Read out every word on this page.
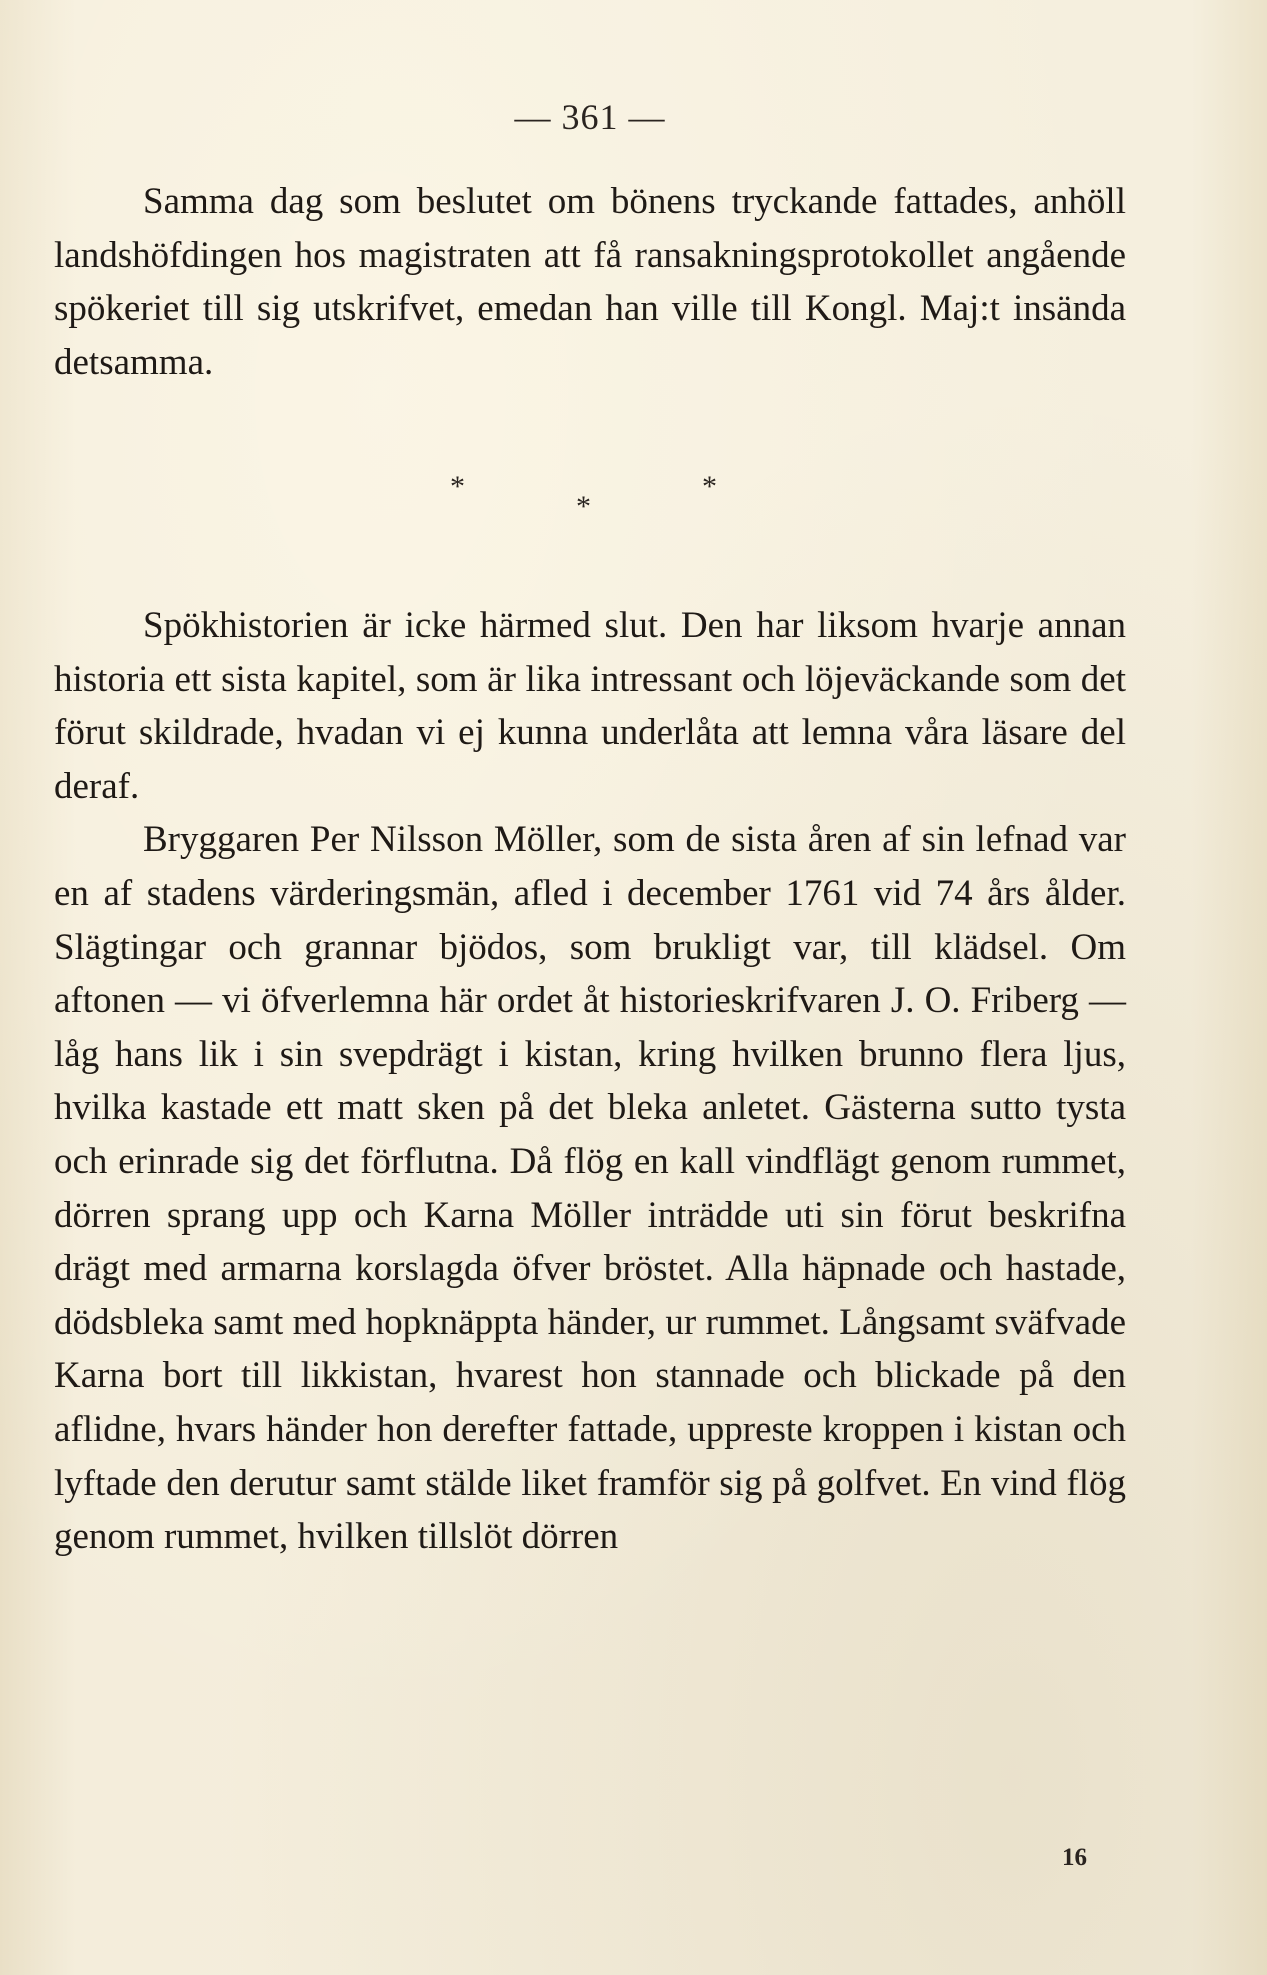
— 361 —

Samma dag som beslutet om bönens tryckande fattades, anhöll landshöfdingen hos magistraten att få ransakningsprotokollet angående spökeriet till sig utskrifvet, emedan han ville till Kongl. Maj:t insända detsamma.

*	*
*

Spökhistorien är icke härmed slut. Den har liksom hvarje annan historia ett sista kapitel, som är lika intressant och löjeväckande som det förut skildrade, hvadan vi ej kunna underlåta att lemna våra läsare del deraf.

Bryggaren Per Nilsson Möller, som de sista åren af sin lefnad var en af stadens värderingsmän, afled i december 1761 vid 74 års ålder. Slägtingar och grannar bjödos, som brukligt var, till klädsel. Om aftonen — vi öfverlemna här ordet åt historieskrifvaren J. O. Friberg — låg hans lik i sin svepdrägt i kistan, kring hvilken brunno flera ljus, hvilka kastade ett matt sken på det bleka anletet. Gästerna sutto tysta och erinrade sig det förflutna. Då flög en kall vindflägt genom rummet, dörren sprang upp och Karna Möller inträdde uti sin förut beskrifna drägt med armarna korslagda öfver bröstet. Alla häpnade och hastade, dödsbleka samt med hopknäppta händer, ur rummet. Långsamt sväfvade Karna bort till likkistan, hvarest hon stannade och blickade på den aflidne, hvars händer hon derefter fattade, uppreste kroppen i kistan och lyftade den derutur samt stälde liket framför sig på golfvet. En vind flög genom rummet, hvilken tillslöt dörren

16
